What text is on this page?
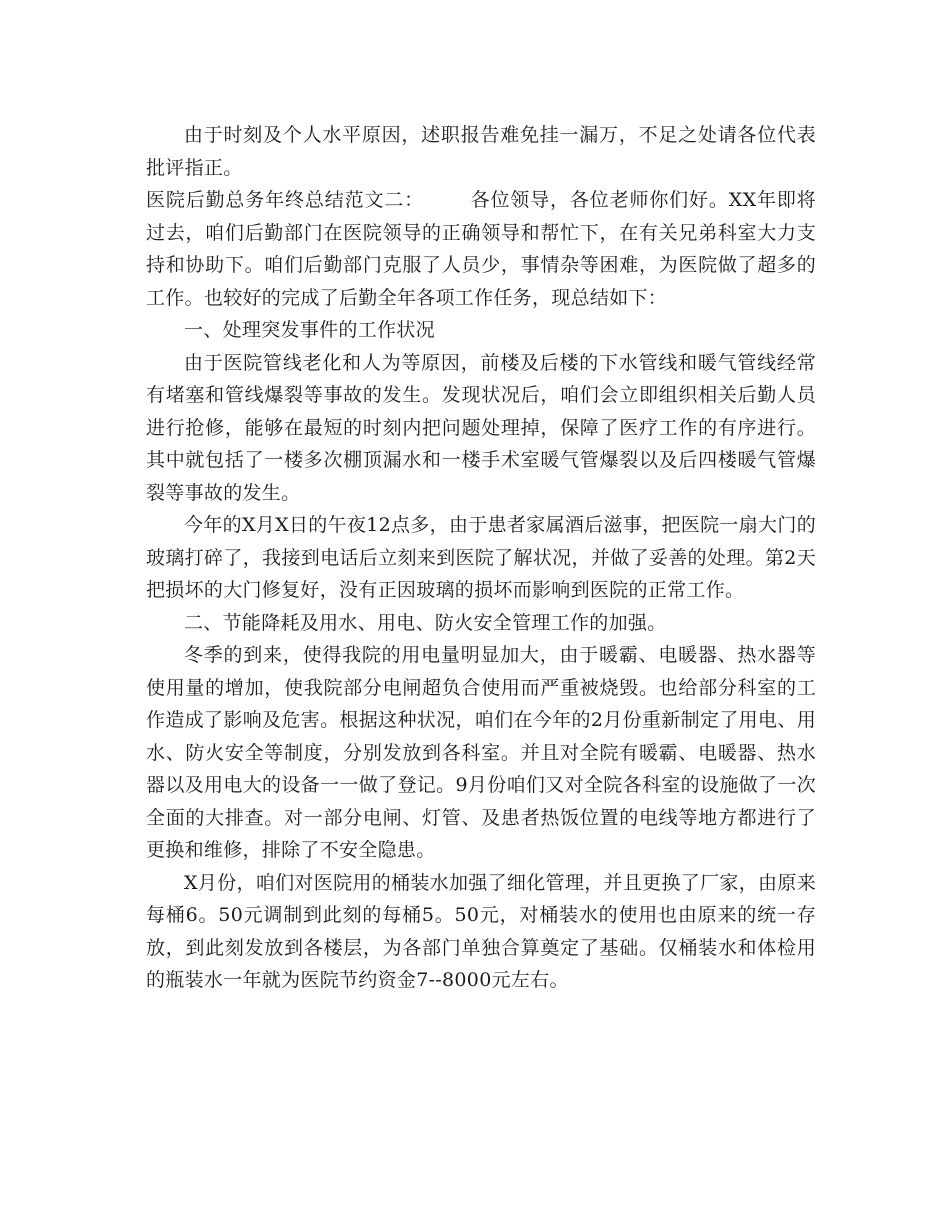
由于时刻及个人水平原因，述职报告难免挂一漏万，不足之处请各位代表批评指正。

医院后勤总务年终总结范文二： 各位领导，各位老师你们好。XX年即将过去，咱们后勤部门在医院领导的正确领导和帮忙下，在有关兄弟科室大力支持和协助下。咱们后勤部门克服了人员少，事情杂等困难，为医院做了超多的工作。也较好的完成了后勤全年各项工作任务，现总结如下：

一、处理突发事件的工作状况

由于医院管线老化和人为等原因，前楼及后楼的下水管线和暖气管线经常有堵塞和管线爆裂等事故的发生。发现状况后，咱们会立即组织相关后勤人员进行抢修，能够在最短的时刻内把问题处理掉，保障了医疗工作的有序进行。其中就包括了一楼多次棚顶漏水和一楼手术室暖气管爆裂以及后四楼暖气管爆裂等事故的发生。

今年的X月X日的午夜12点多，由于患者家属酒后滋事，把医院一扇大门的玻璃打碎了，我接到电话后立刻来到医院了解状况，并做了妥善的处理。第2天把损坏的大门修复好，没有正因玻璃的损坏而影响到医院的正常工作。

二、节能降耗及用水、用电、防火安全管理工作的加强。

冬季的到来，使得我院的用电量明显加大，由于暖霸、电暖器、热水器等使用量的增加，使我院部分电闸超负合使用而严重被烧毁。也给部分科室的工作造成了影响及危害。根据这种状况，咱们在今年的2月份重新制定了用电、用水、防火安全等制度，分别发放到各科室。并且对全院有暖霸、电暖器、热水器以及用电大的设备一一做了登记。9月份咱们又对全院各科室的设施做了一次全面的大排查。对一部分电闸、灯管、及患者热饭位置的电线等地方都进行了更换和维修，排除了不安全隐患。

X月份，咱们对医院用的桶装水加强了细化管理，并且更换了厂家，由原来每桶6。50元调制到此刻的每桶5。50元，对桶装水的使用也由原来的统一存放，到此刻发放到各楼层，为各部门单独合算奠定了基础。仅桶装水和体检用的瓶装水一年就为医院节约资金7--8000元左右。
